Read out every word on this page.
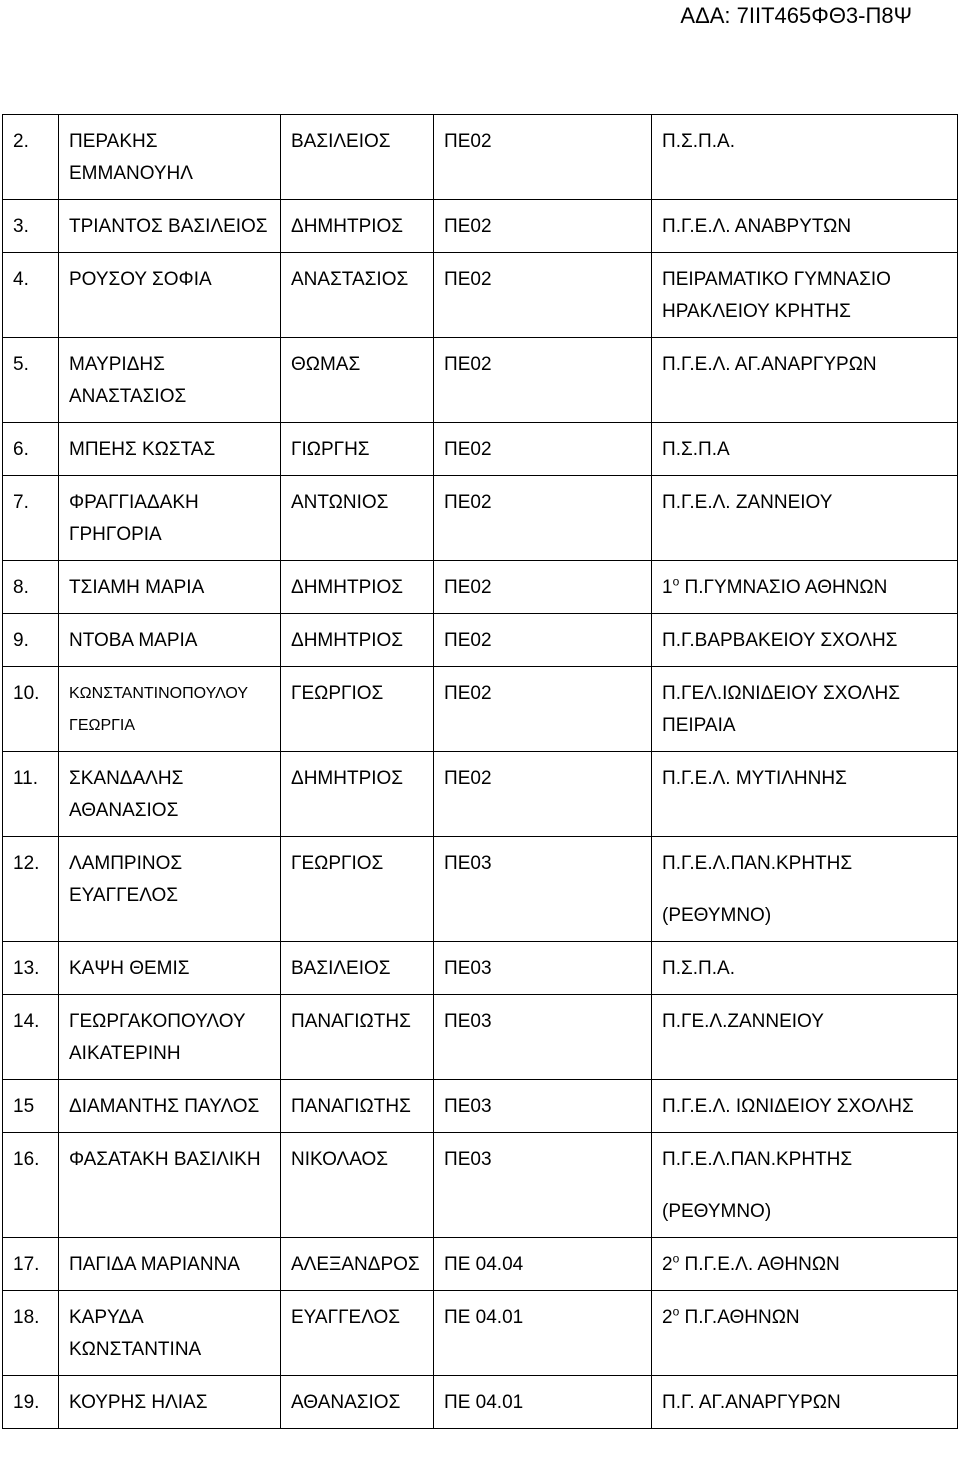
ΑΔΑ: 7ΙΙΤ465ΦΘ3-Π8Ψ
2.	ΠΕΡΑΚΗΣ
ΕΜΜΑΝΟΥΗΛ	ΒΑΣΙΛΕΙΟΣ	ΠΕ02	Π.Σ.Π.Α.

3.	ΤΡΙΑΝΤΟΣ ΒΑΣΙΛΕΙΟΣ	ΔΗΜΗΤΡΙΟΣ	ΠΕ02	Π.Γ.Ε.Λ. ΑΝΑΒΡΥΤΩΝ

4.	ΡΟΥΣΟΥ ΣΟΦΙΑ	ΑΝΑΣΤΑΣΙΟΣ	ΠΕ02	ΠΕΙΡΑΜΑΤΙΚΟ ΓΥΜΝΑΣΙΟ
ΗΡΑΚΛΕΙΟΥ ΚΡΗΤΗΣ

5.	ΜΑΥΡΙΔΗΣ
ΑΝΑΣΤΑΣΙΟΣ	ΘΩΜΑΣ	ΠΕ02	Π.Γ.Ε.Λ. ΑΓ.ΑΝΑΡΓΥΡΩΝ

6.	ΜΠΕΗΣ ΚΩΣΤΑΣ	ΓΙΩΡΓΗΣ	ΠΕ02	Π.Σ.Π.Α

7.	ΦΡΑΓΓΙΑΔΑΚΗ
ΓΡΗΓΟΡΙΑ	ΑΝΤΩΝΙΟΣ	ΠΕ02	Π.Γ.Ε.Λ. ΖΑΝΝΕΙΟΥ

8.	ΤΣΙΑΜΗ ΜΑΡΙΑ	ΔΗΜΗΤΡΙΟΣ	ΠΕ02	$1^o$ Π.ΓΥΜΝΑΣΙΟ ΑΘΗΝΩΝ

9.	ΝΤΟΒΑ ΜΑΡΙΑ	ΔΗΜΗΤΡΙΟΣ	ΠΕ02	Π.Γ.ΒΑΡΒΑΚΕΙΟΥ ΣΧΟΛΗΣ

10.	ΚΩΝΣΤΑΝΤΙΝΟΠΟΥΛΟΥ
ΓΕΩΡΓΙΑ	ΓΕΩΡΓΙΟΣ	ΠΕ02	Π.ΓΕΛ.ΙΩΝΙΔΕΙΟΥ ΣΧΟΛΗΣ
ΠΕΙΡΑΙΑ

11.	ΣΚΑΝΔΑΛΗΣ
ΑΘΑΝΑΣΙΟΣ	ΔΗΜΗΤΡΙΟΣ	ΠΕ02	Π.Γ.Ε.Λ. ΜΥΤΙΛΗΝΗΣ

12.	ΛΑΜΠΡΙΝΟΣ
ΕΥΑΓΓΕΛΟΣ	ΓΕΩΡΓΙΟΣ	ΠΕ03	Π.Γ.Ε.Λ.ΠΑΝ.ΚΡΗΤΗΣ
(ΡΕΘΥΜΝΟ)

13.	ΚΑΨΗ ΘΕΜΙΣ	ΒΑΣΙΛΕΙΟΣ	ΠΕ03	Π.Σ.Π.Α.

14.	ΓΕΩΡΓΑΚΟΠΟΥΛΟΥ
ΑΙΚΑΤΕΡΙΝΗ	ΠΑΝΑΓΙΩΤΗΣ	ΠΕ03	Π.ΓΕ.Λ.ΖΑΝΝΕΙΟΥ

15	ΔΙΑΜΑΝΤΗΣ ΠΑΥΛΟΣ	ΠΑΝΑΓΙΩΤΗΣ	ΠΕ03	Π.Γ.Ε.Λ. ΙΩΝΙΔΕΙΟΥ ΣΧΟΛΗΣ

16.	ΦΑΣΑΤΑΚΗ ΒΑΣΙΛΙΚΗ	ΝΙΚΟΛΑΟΣ	ΠΕ03	Π.Γ.Ε.Λ.ΠΑΝ.ΚΡΗΤΗΣ
(ΡΕΘΥΜΝΟ)

17.	ΠΑΓΙΔΑ ΜΑΡΙΑΝΝΑ	ΑΛΕΞΑΝΔΡΟΣ	ΠΕ 04.04	$2^o$ Π.Γ.Ε.Λ. ΑΘΗΝΩΝ

18.	ΚΑΡΥΔΑ
ΚΩΝΣΤΑΝΤΙΝΑ	ΕΥΑΓΓΕΛΟΣ	ΠΕ 04.01	$2^o$ Π.Γ.ΑΘΗΝΩΝ

19.	ΚΟΥΡΗΣ ΗΛΙΑΣ	ΑΘΑΝΑΣΙΟΣ	ΠΕ 04.01	Π.Γ. ΑΓ.ΑΝΑΡΓΥΡΩΝ
